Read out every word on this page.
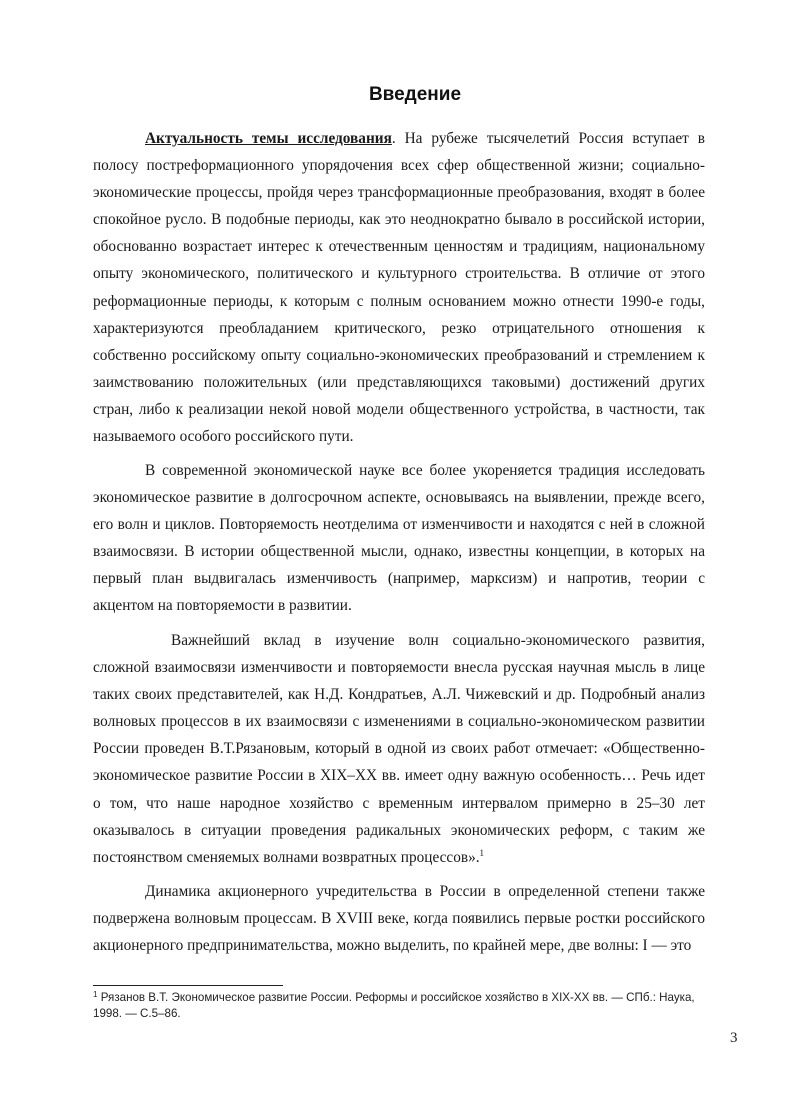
Введение

Актуальность темы исследования. На рубеже тысячелетий Россия вступает в полосу постреформационного упорядочения всех сфер общественной жизни; социально-экономические процессы, пройдя через трансформационные преобразования, входят в более спокойное русло. В подобные периоды, как это неоднократно бывало в российской истории, обоснованно возрастает интерес к отечественным ценностям и традициям, национальному опыту экономического, политического и культурного строительства. В отличие от этого реформационные периоды, к которым с полным основанием можно отнести 1990-е годы, характеризуются преобладанием критического, резко отрицательного отношения к собственно российскому опыту социально-экономических преобразований и стремлением к заимствованию положительных (или представляющихся таковыми) достижений других стран, либо к реализации некой новой модели общественного устройства, в частности, так называемого особого российского пути.

В современной экономической науке все более укореняется традиция исследовать экономическое развитие в долгосрочном аспекте, основываясь на выявлении, прежде всего, его волн и циклов. Повторяемость неотделима от изменчивости и находятся с ней в сложной взаимосвязи. В истории общественной мысли, однако, известны концепции, в которых на первый план выдвигалась изменчивость (например, марксизм) и напротив, теории с акцентом на повторяемости в развитии.

Важнейший вклад в изучение волн социально-экономического развития, сложной взаимосвязи изменчивости и повторяемости внесла русская научная мысль в лице таких своих представителей, как Н.Д. Кондратьев, А.Л. Чижевский и др. Подробный анализ волновых процессов в их взаимосвязи с изменениями в социально-экономическом развитии России проведен В.Т.Рязановым, который в одной из своих работ отмечает: «Общественно-экономическое развитие России в XIX–XX вв. имеет одну важную особенность… Речь идет о том, что наше народное хозяйство с временным интервалом примерно в 25–30 лет оказывалось в ситуации проведения радикальных экономических реформ, с таким же постоянством сменяемых волнами возвратных процессов».$^1$

Динамика акционерного учредительства в России в определенной степени также подвержена волновым процессам. В XVIII веке, когда появились первые ростки российского акционерного предпринимательства, можно выделить, по крайней мере, две волны: I — это

$^1$ Рязанов В.Т. Экономическое развитие России. Реформы и российское хозяйство в XIX-XX вв. — СПб.: Наука, 1998. — С.5–86.

3
